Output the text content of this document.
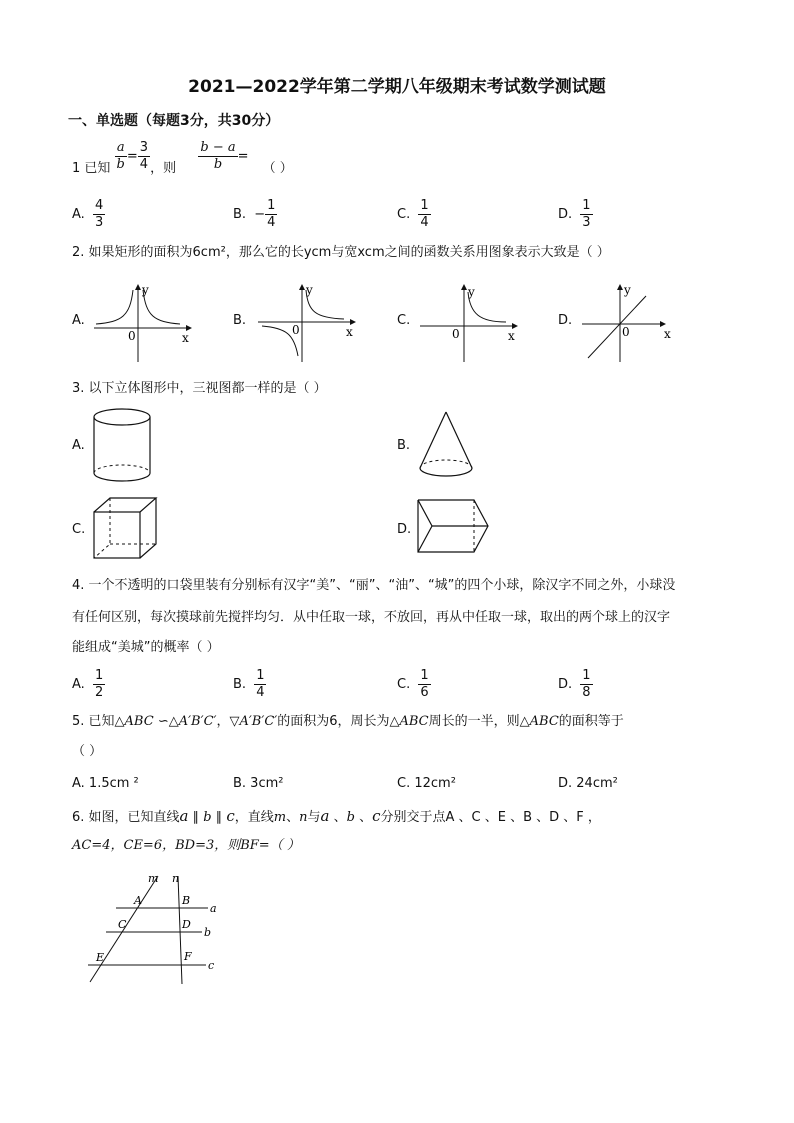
2021—2022学年第二学期八年级期末考试数学测试题
一、单选题（每题3分，共30分）
1 已知 $\frac{a}{b} = \frac{3}{4}$ ，则 $\frac{b - a}{b}$ = （ ）
A. $\frac{4}{3}$	B. − $\frac{1}{4}$	C. $\frac{1}{4}$	D. $\frac{1}{3}$
2. 如果矩形的面积为6cm²，那么它的长ycm与宽xcm之间的函数关系用图象表示大致是（ ）
A.
y
0	x
B.
y
0	x
C.
y
0	x
D.
y
0	x
3. 以下立体图形中，三视图都一样的是（ ）
A.	B.
C.	D.
4. 一个不透明的口袋里装有分别标有汉字“美”、“丽”、“油”、“城”的四个小球，除汉字不同之外，小球没
有任何区别，每次摸球前先搅拌均匀．从中任取一球，不放回，再从中任取一球，取出的两个球上的汉字
能组成“美城”的概率（ ）
A. $\frac{1}{2}$	B. $\frac{1}{4}$	C. $\frac{1}{6}$	D. $\frac{1}{8}$
5. 已知△ABC ∽△A′B′C′，▽A′B′C′的面积为6，周长为△ABC周长的一半，则△ABC的面积等于
（ ）
A. 1.5cm ²	B. 3cm²	C. 12cm²	D. 24cm²
6. 如图，已知直线a ∥ b ∥ c，直线m、n与a 、b 、c分别交于点A 、C 、E 、B 、D 、F ，
AC=4，CE=6，BD=3，则BF=（ ）
m n
A	B
C	D
E	F
a
b
c
